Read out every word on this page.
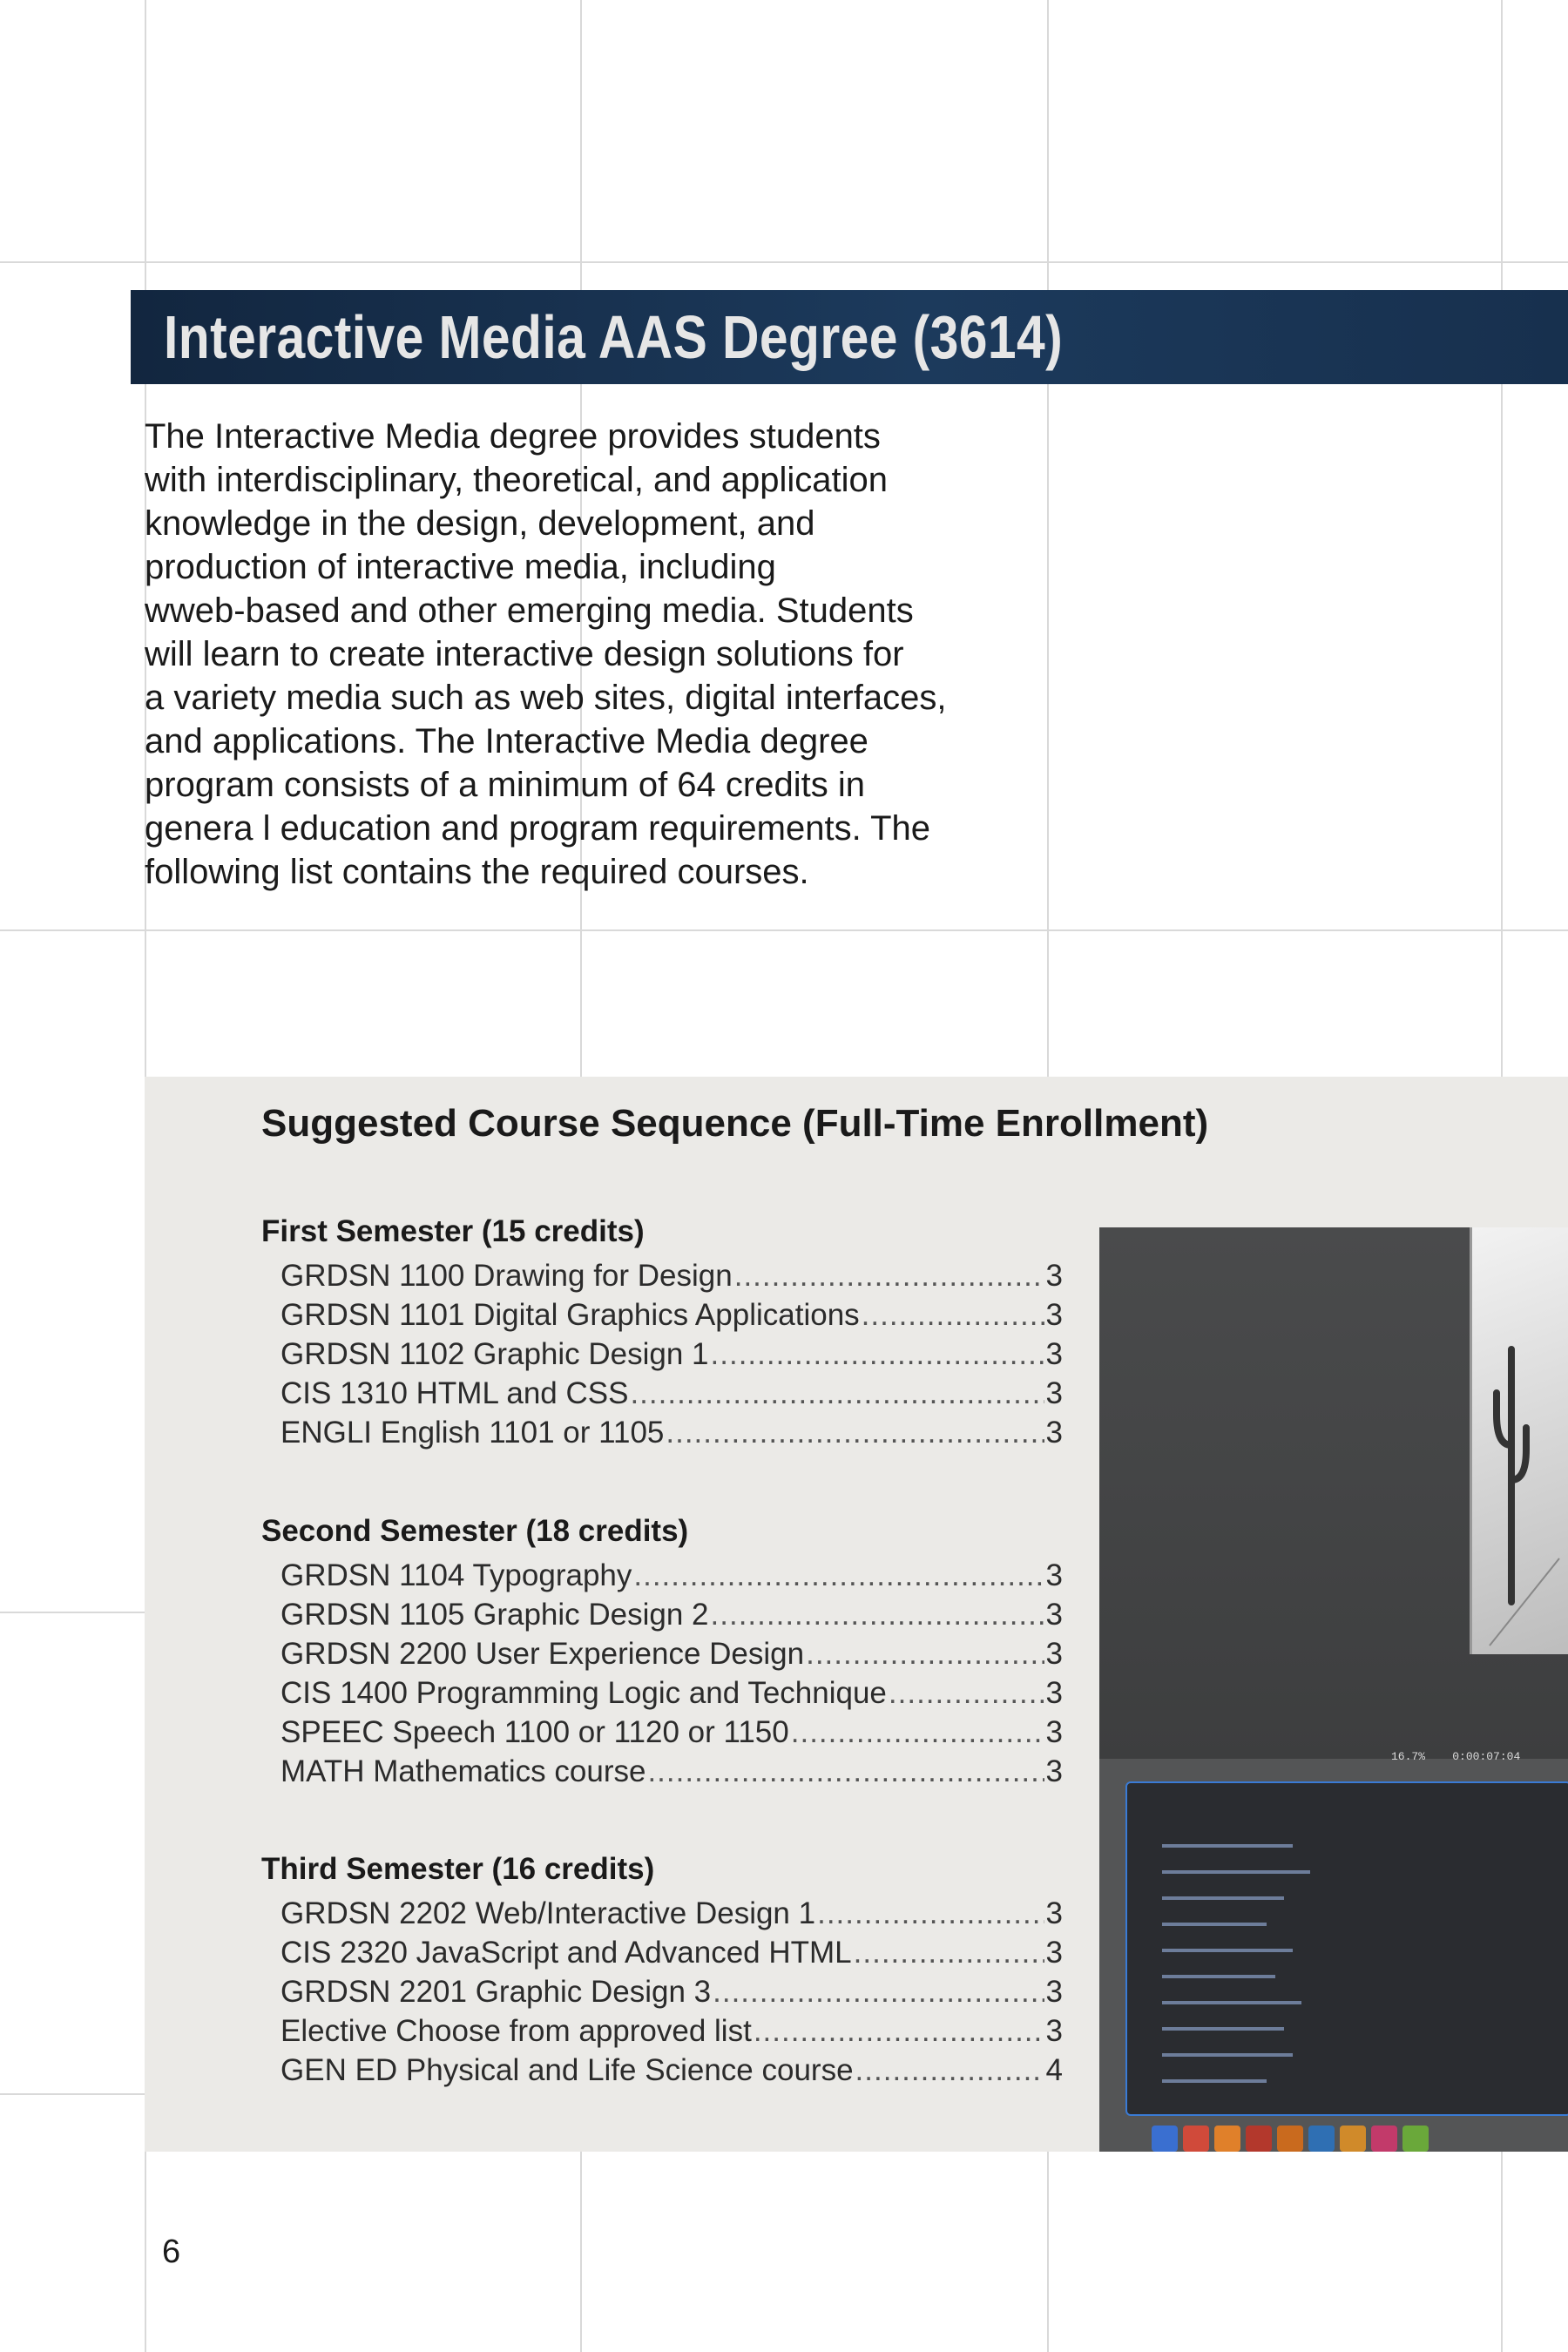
Interactive Media AAS Degree (3614)
The Interactive Media degree provides students
with interdisciplinary, theoretical, and application
knowledge in the design, development, and
production of interactive media, including
wweb-based and other emerging media. Students
will learn to create interactive design solutions for
a variety media such as web sites, digital interfaces,
and applications. The Interactive Media degree
program consists of a minimum of 64 credits in
genera l education and program requirements. The
following list contains the required courses.
Suggested Course Sequence (Full-Time Enrollment)
First Semester (15 credits)
GRDSN 1100 Drawing for Design .....	3
GRDSN 1101 Digital Graphics Applications .....	3
GRDSN 1102 Graphic Design 1 .....	3
CIS 1310 HTML and CSS .....	3
ENGLI English 1101 or 1105 .....	3
Second Semester (18 credits)
GRDSN 1104 Typography .....	3
GRDSN 1105 Graphic Design 2 .....	3
GRDSN 2200 User Experience Design .....	3
CIS 1400 Programming Logic and Technique .....	3
SPEEC Speech 1100 or 1120 or 1150 .....	3
MATH Mathematics course .....	3
Third Semester (16 credits)
GRDSN 2202 Web/Interactive Design 1 .....	3
CIS 2320 JavaScript and Advanced HTML .....	3
GRDSN 2201 Graphic Design 3 .....	3
Elective Choose from approved list .....	3
GEN ED Physical and Life Science course .....	4
16.7% 0:00:07:04
6
